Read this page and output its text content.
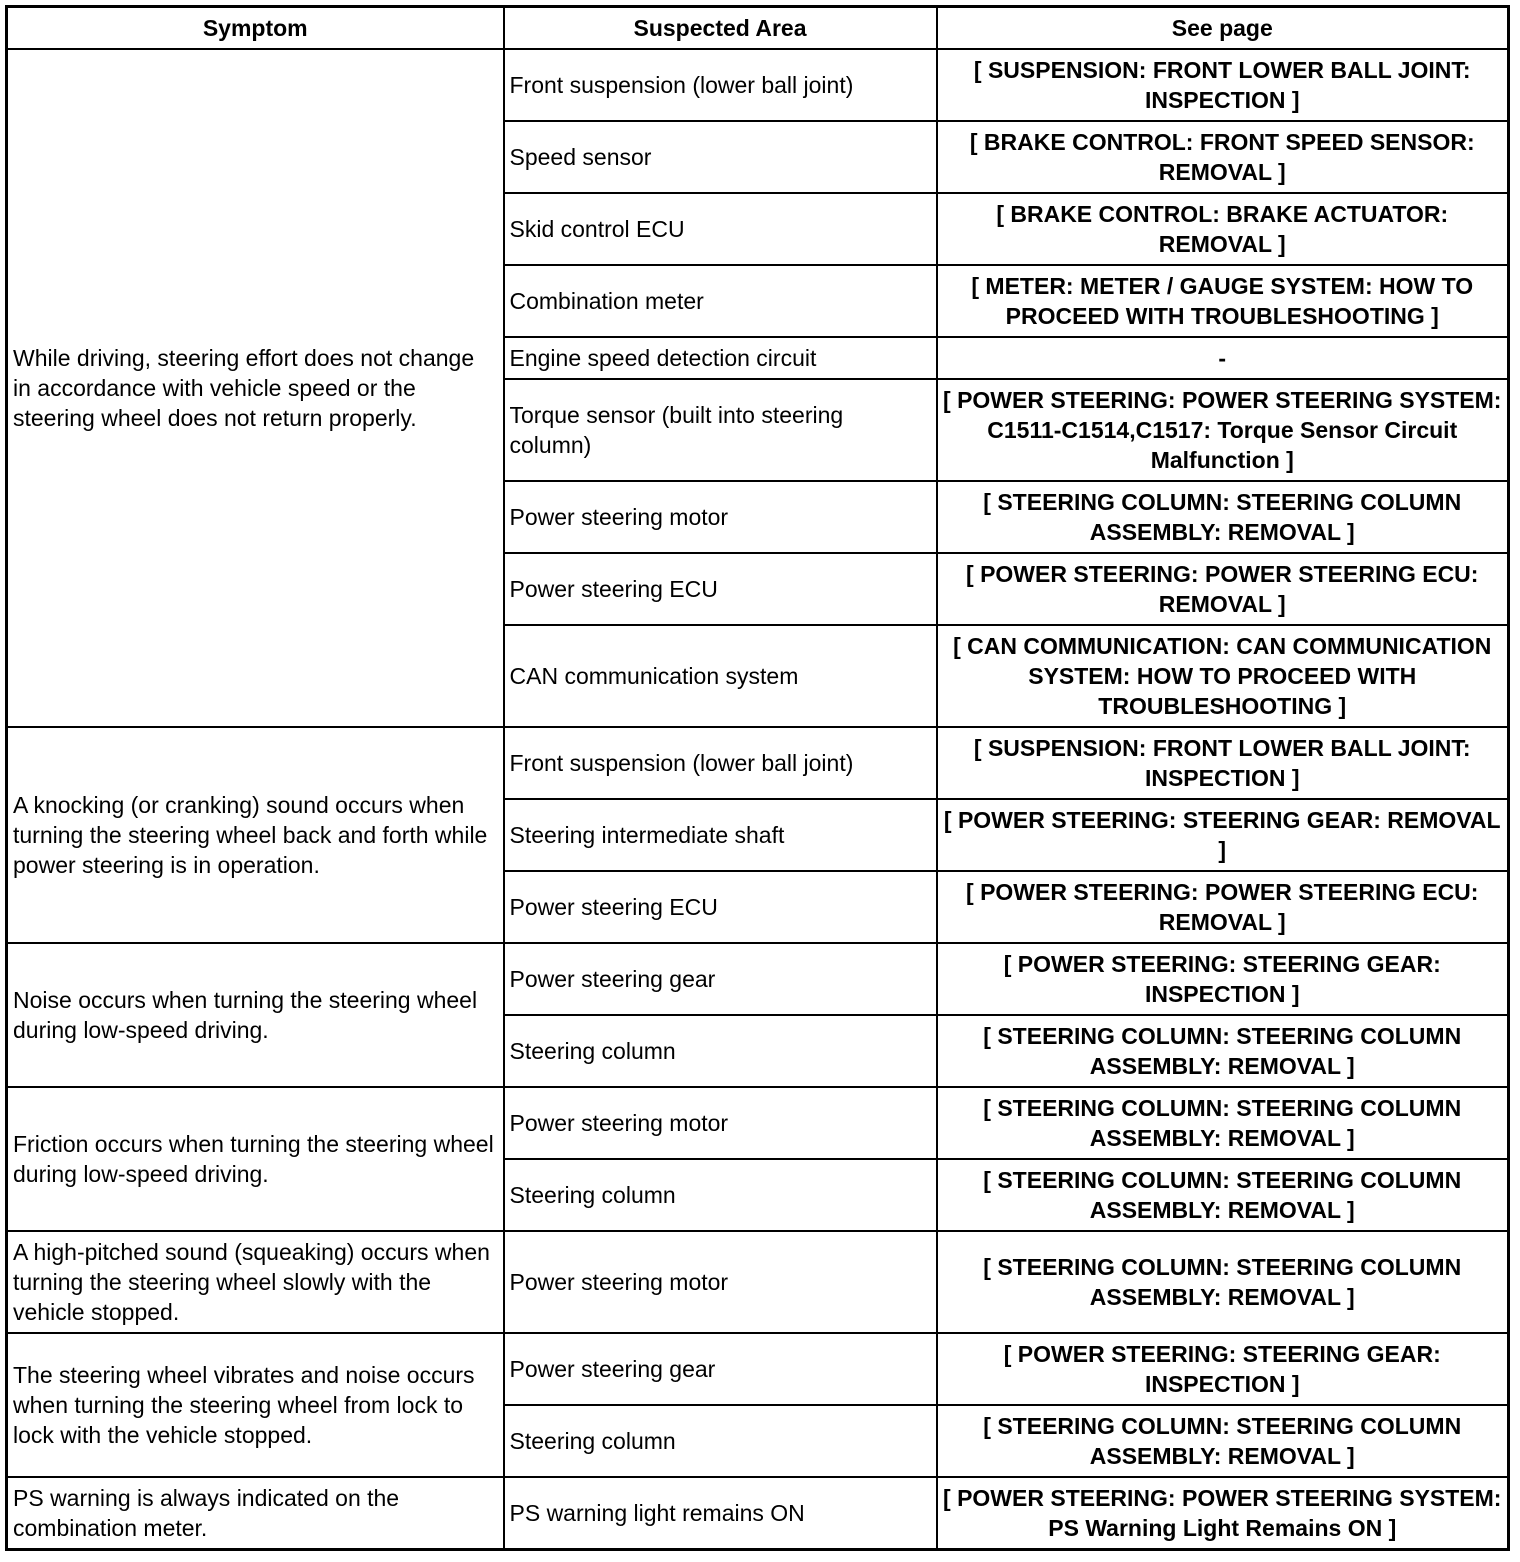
Symptom	Suspected Area	See page
While driving, steering effort does not change in accordance with vehicle speed or the steering wheel does not return properly.	Front suspension (lower ball joint)	[ SUSPENSION: FRONT LOWER BALL JOINT: INSPECTION ]
	Speed sensor	[ BRAKE CONTROL: FRONT SPEED SENSOR: REMOVAL ]
	Skid control ECU	[ BRAKE CONTROL: BRAKE ACTUATOR: REMOVAL ]
	Combination meter	[ METER: METER / GAUGE SYSTEM: HOW TO PROCEED WITH TROUBLESHOOTING ]
	Engine speed detection circuit	-
	Torque sensor (built into steering column)	[ POWER STEERING: POWER STEERING SYSTEM: C1511-C1514,C1517: Torque Sensor Circuit Malfunction ]
	Power steering motor	[ STEERING COLUMN: STEERING COLUMN ASSEMBLY: REMOVAL ]
	Power steering ECU	[ POWER STEERING: POWER STEERING ECU: REMOVAL ]
	CAN communication system	[ CAN COMMUNICATION: CAN COMMUNICATION SYSTEM: HOW TO PROCEED WITH TROUBLESHOOTING ]
A knocking (or cranking) sound occurs when turning the steering wheel back and forth while power steering is in operation.	Front suspension (lower ball joint)	[ SUSPENSION: FRONT LOWER BALL JOINT: INSPECTION ]
	Steering intermediate shaft	[ POWER STEERING: STEERING GEAR: REMOVAL ]
	Power steering ECU	[ POWER STEERING: POWER STEERING ECU: REMOVAL ]
Noise occurs when turning the steering wheel during low-speed driving.	Power steering gear	[ POWER STEERING: STEERING GEAR: INSPECTION ]
	Steering column	[ STEERING COLUMN: STEERING COLUMN ASSEMBLY: REMOVAL ]
Friction occurs when turning the steering wheel during low-speed driving.	Power steering motor	[ STEERING COLUMN: STEERING COLUMN ASSEMBLY: REMOVAL ]
	Steering column	[ STEERING COLUMN: STEERING COLUMN ASSEMBLY: REMOVAL ]
A high-pitched sound (squeaking) occurs when turning the steering wheel slowly with the vehicle stopped.	Power steering motor	[ STEERING COLUMN: STEERING COLUMN ASSEMBLY: REMOVAL ]
The steering wheel vibrates and noise occurs when turning the steering wheel from lock to lock with the vehicle stopped.	Power steering gear	[ POWER STEERING: STEERING GEAR: INSPECTION ]
	Steering column	[ STEERING COLUMN: STEERING COLUMN ASSEMBLY: REMOVAL ]
PS warning is always indicated on the combination meter.	PS warning light remains ON	[ POWER STEERING: POWER STEERING SYSTEM: PS Warning Light Remains ON ]
